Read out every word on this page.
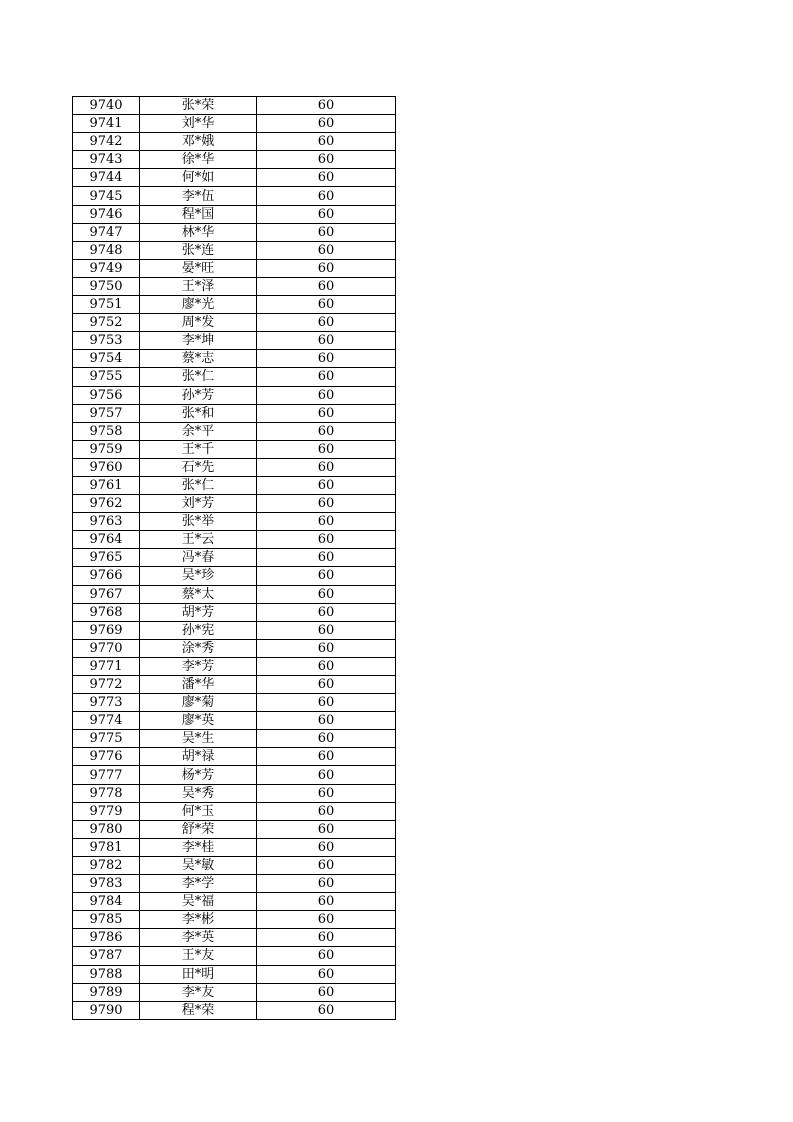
9740	张*荣	60
9741	刘*华	60
9742	邓*娥	60
9743	徐*华	60
9744	何*如	60
9745	李*伍	60
9746	程*国	60
9747	林*华	60
9748	张*连	60
9749	晏*旺	60
9750	王*泽	60
9751	廖*光	60
9752	周*发	60
9753	李*坤	60
9754	蔡*志	60
9755	张*仁	60
9756	孙*芳	60
9757	张*和	60
9758	余*平	60
9759	王*千	60
9760	石*先	60
9761	张*仁	60
9762	刘*芳	60
9763	张*举	60
9764	王*云	60
9765	冯*春	60
9766	吴*珍	60
9767	蔡*太	60
9768	胡*芳	60
9769	孙*宪	60
9770	涂*秀	60
9771	李*芳	60
9772	潘*华	60
9773	廖*菊	60
9774	廖*英	60
9775	吴*生	60
9776	胡*禄	60
9777	杨*芳	60
9778	吴*秀	60
9779	何*玉	60
9780	舒*荣	60
9781	李*桂	60
9782	吴*敏	60
9783	李*学	60
9784	吴*福	60
9785	李*彬	60
9786	李*英	60
9787	王*友	60
9788	田*明	60
9789	李*友	60
9790	程*荣	60
